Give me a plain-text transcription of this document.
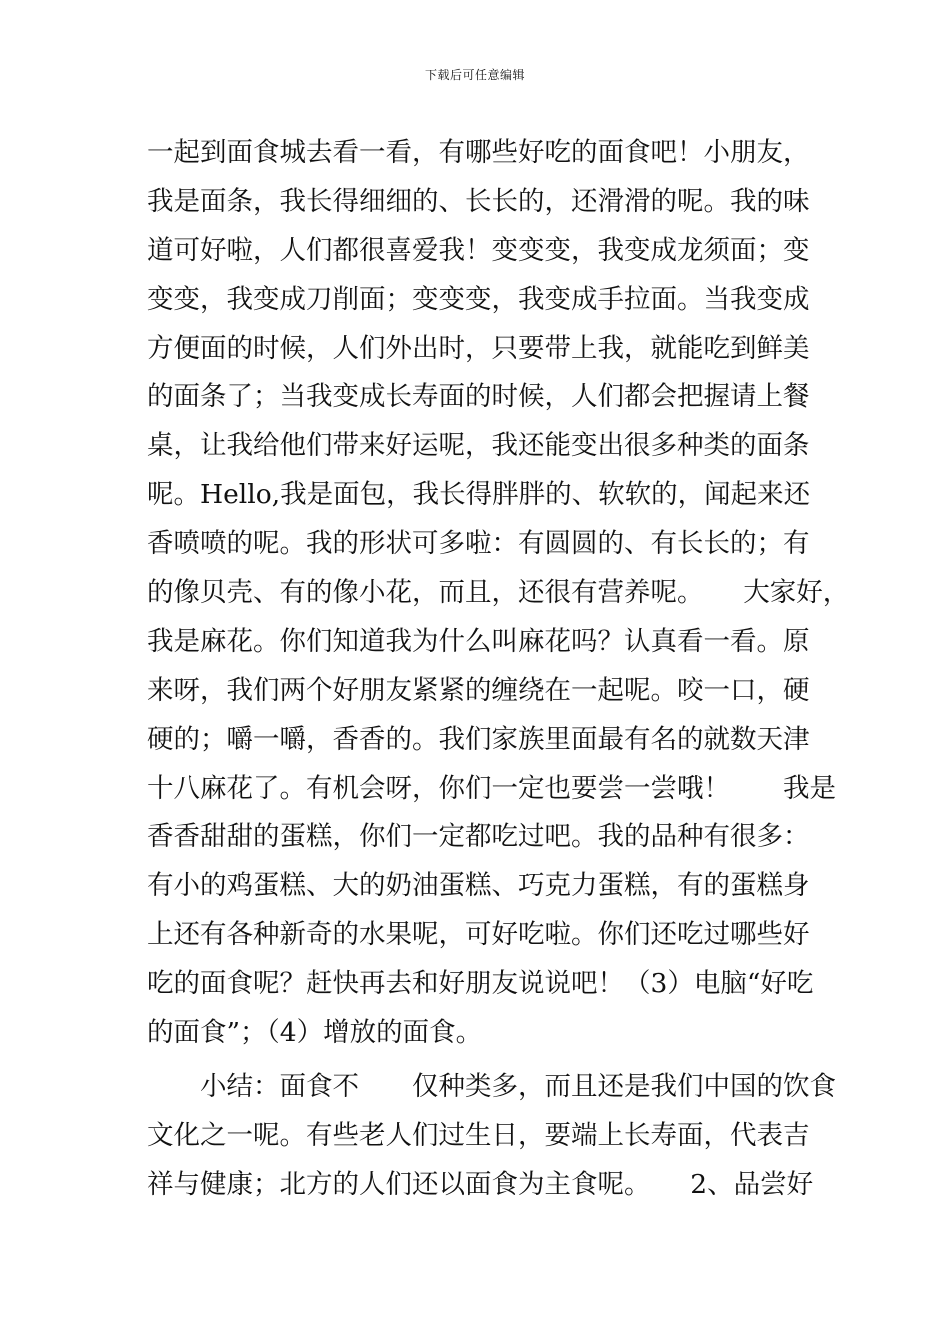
下载后可任意编辑
一起到面食城去看一看，有哪些好吃的面食吧！小朋友，
我是面条，我长得细细的、长长的，还滑滑的呢。我的味
道可好啦，人们都很喜爱我！变变变，我变成龙须面；变
变变，我变成刀削面；变变变，我变成手拉面。当我变成
方便面的时候，人们外出时，只要带上我，就能吃到鲜美
的面条了；当我变成长寿面的时候，人们都会把握请上餐
桌，让我给他们带来好运呢，我还能变出很多种类的面条
呢。Hello,我是面包，我长得胖胖的、软软的，闻起来还
香喷喷的呢。我的形状可多啦：有圆圆的、有长长的；有
的像贝壳、有的像小花，而且，还很有营养呢。　　大家好，
我是麻花。你们知道我为什么叫麻花吗？认真看一看。原
来呀，我们两个好朋友紧紧的缠绕在一起呢。咬一口，硬
硬的；嚼一嚼，香香的。我们家族里面最有名的就数天津
十八麻花了。有机会呀，你们一定也要尝一尝哦！　　我是
香香甜甜的蛋糕，你们一定都吃过吧。我的品种有很多：
有小的鸡蛋糕、大的奶油蛋糕、巧克力蛋糕，有的蛋糕身
上还有各种新奇的水果呢，可好吃啦。你们还吃过哪些好
吃的面食呢？赶快再去和好朋友说说吧！（3）电脑“好吃
的面食”；（4）增放的面食。
小结：面食不　　仅种类多，而且还是我们中国的饮食
文化之一呢。有些老人们过生日，要端上长寿面，代表吉
祥与健康；北方的人们还以面食为主食呢。　　2、品尝好
